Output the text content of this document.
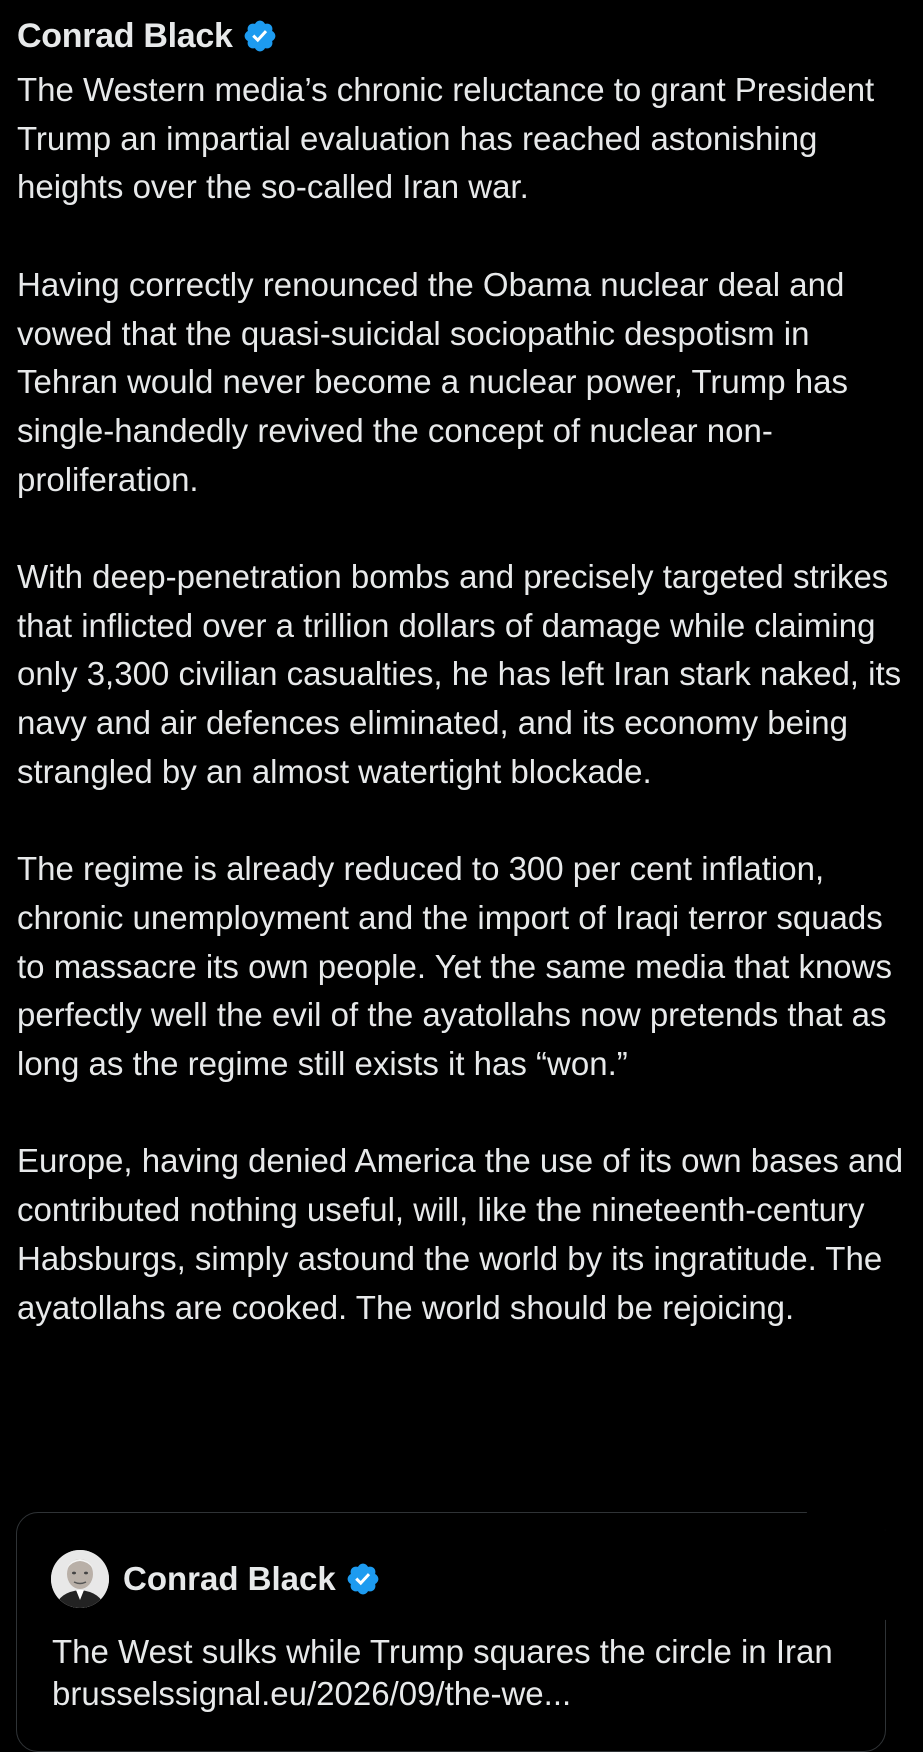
Conrad Black

The Western media’s chronic reluctance to grant President Trump an impartial evaluation has reached astonishing heights over the so-called Iran war.

Having correctly renounced the Obama nuclear deal and vowed that the quasi-suicidal sociopathic despotism in Tehran would never become a nuclear power, Trump has single-handedly revived the concept of nuclear non-proliferation.

With deep-penetration bombs and precisely targeted strikes that inflicted over a trillion dollars of damage while claiming only 3,300 civilian casualties, he has left Iran stark naked, its navy and air defences eliminated, and its economy being strangled by an almost watertight blockade.

The regime is already reduced to 300 per cent inflation, chronic unemployment and the import of Iraqi terror squads to massacre its own people. Yet the same media that knows perfectly well the evil of the ayatollahs now pretends that as long as the regime still exists it has “won.”

Europe, having denied America the use of its own bases and contributed nothing useful, will, like the nineteenth-century Habsburgs, simply astound the world by its ingratitude. The ayatollahs are cooked. The world should be rejoicing.

Conrad Black
The West sulks while Trump squares the circle in Iran brusselssignal.eu/2026/09/the-we...
